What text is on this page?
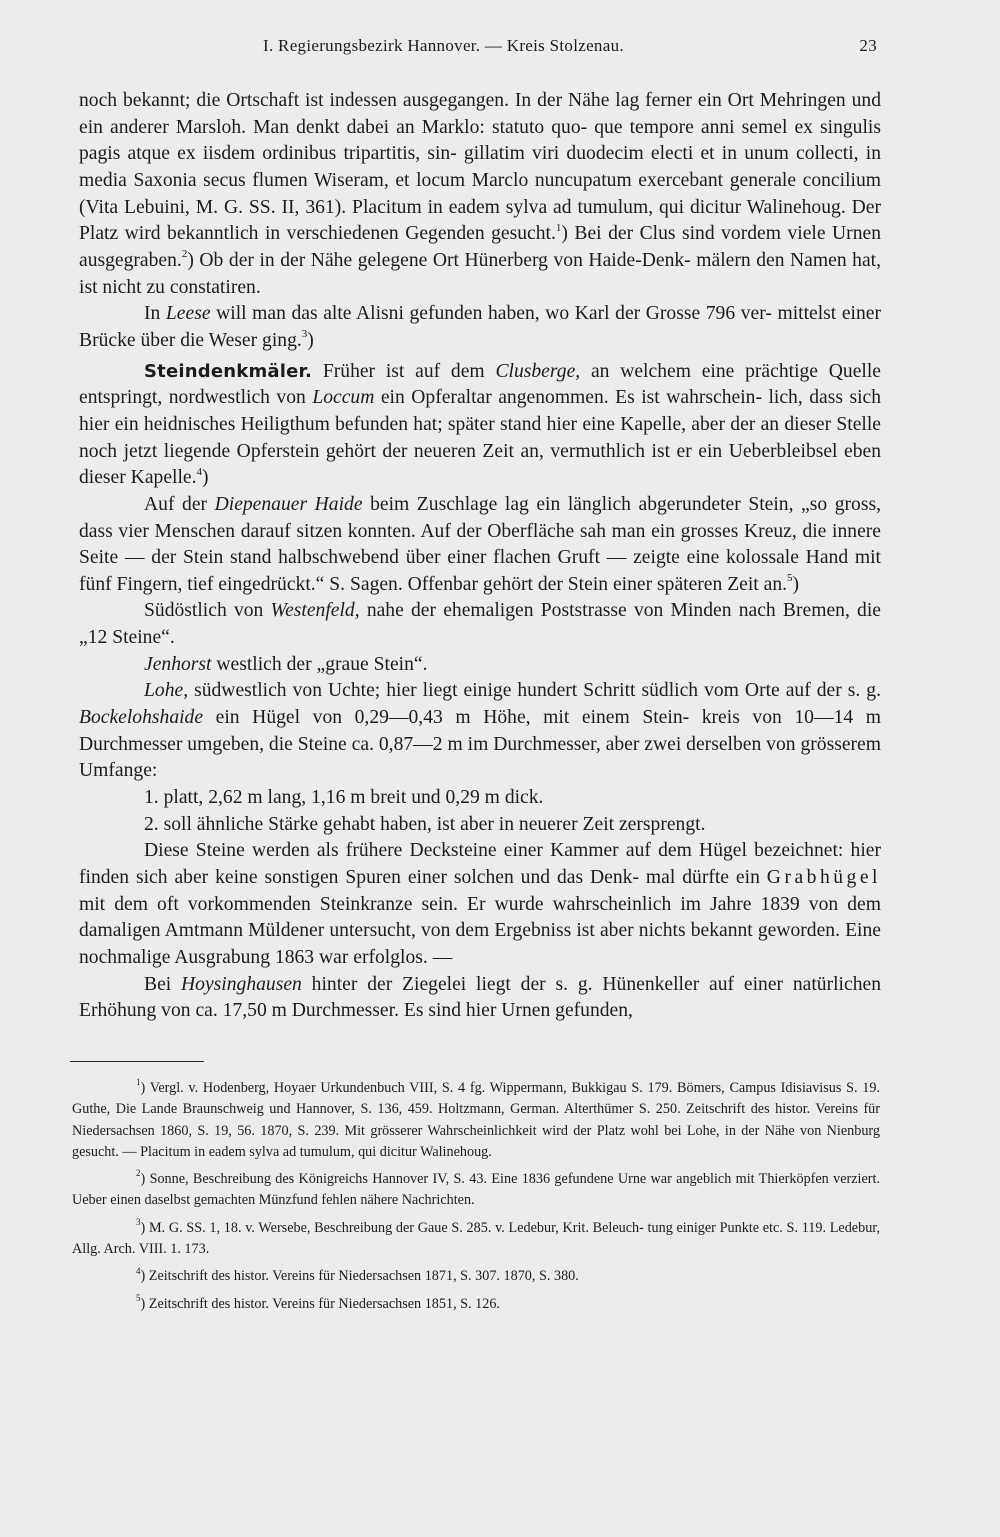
I. Regierungsbezirk Hannover. — Kreis Stolzenau.	23

noch bekannt; die Ortschaft ist indessen ausgegangen. In der Nähe lag ferner ein Ort Mehringen und ein anderer Marsloh. Man denkt dabei an Marklo: statuto quo- que tempore anni semel ex singulis pagis atque ex iisdem ordinibus tripartitis, sin- gillatim viri duodecim electi et in unum collecti, in media Saxonia secus flumen Wiseram, et locum Marclo nuncupatum exercebant generale concilium (Vita Lebuini, M. G. SS. II, 361). Placitum in eadem sylva ad tumulum, qui dicitur Walinehoug. Der Platz wird bekanntlich in verschiedenen Gegenden gesucht.$^1$) Bei der Clus sind vordem viele Urnen ausgegraben.$^2$) Ob der in der Nähe gelegene Ort Hünerberg von Haide-Denk- mälern den Namen hat, ist nicht zu constatiren.

In Leese will man das alte Alisni gefunden haben, wo Karl der Grosse 796 ver- mittelst einer Brücke über die Weser ging.$^3$)

Steindenkmäler. Früher ist auf dem Clusberge, an welchem eine prächtige Quelle entspringt, nordwestlich von Loccum ein Opferaltar angenommen. Es ist wahrschein- lich, dass sich hier ein heidnisches Heiligthum befunden hat; später stand hier eine Kapelle, aber der an dieser Stelle noch jetzt liegende Opferstein gehört der neueren Zeit an, vermuthlich ist er ein Ueberbleibsel eben dieser Kapelle.$^4$)

Auf der Diepenauer Haide beim Zuschlage lag ein länglich abgerundeter Stein, „so gross, dass vier Menschen darauf sitzen konnten. Auf der Oberfläche sah man ein grosses Kreuz, die innere Seite — der Stein stand halbschwebend über einer flachen Gruft — zeigte eine kolossale Hand mit fünf Fingern, tief eingedrückt.“ S. Sagen. Offenbar gehört der Stein einer späteren Zeit an.$^5$)

Südöstlich von Westenfeld, nahe der ehemaligen Poststrasse von Minden nach Bremen, die „12 Steine“.

Jenhorst westlich der „graue Stein“.

Lohe, südwestlich von Uchte; hier liegt einige hundert Schritt südlich vom Orte auf der s. g. Bockelohshaide ein Hügel von 0,29—0,43 m Höhe, mit einem Stein- kreis von 10—14 m Durchmesser umgeben, die Steine ca. 0,87—2 m im Durchmesser, aber zwei derselben von grösserem Umfange:

1. platt, 2,62 m lang, 1,16 m breit und 0,29 m dick.

2. soll ähnliche Stärke gehabt haben, ist aber in neuerer Zeit zersprengt.

Diese Steine werden als frühere Decksteine einer Kammer auf dem Hügel bezeichnet: hier finden sich aber keine sonstigen Spuren einer solchen und das Denk- mal dürfte ein Grabhügel mit dem oft vorkommenden Steinkranze sein. Er wurde wahrscheinlich im Jahre 1839 von dem damaligen Amtmann Müldener untersucht, von dem Ergebniss ist aber nichts bekannt geworden. Eine nochmalige Ausgrabung 1863 war erfolglos. —

Bei Hoysinghausen hinter der Ziegelei liegt der s. g. Hünenkeller auf einer natürlichen Erhöhung von ca. 17,50 m Durchmesser. Es sind hier Urnen gefunden,

$^1$) Vergl. v. Hodenberg, Hoyaer Urkundenbuch VIII, S. 4 fg. Wippermann, Bukkigau S. 179. Bömers, Campus Idisiavisus S. 19. Guthe, Die Lande Braunschweig und Hannover, S. 136, 459. Holtzmann, German. Alterthümer S. 250. Zeitschrift des histor. Vereins für Niedersachsen 1860, S. 19, 56. 1870, S. 239. Mit grösserer Wahrscheinlichkeit wird der Platz wohl bei Lohe, in der Nähe von Nienburg gesucht. — Placitum in eadem sylva ad tumulum, qui dicitur Walinehoug.

$^2$) Sonne, Beschreibung des Königreichs Hannover IV, S. 43. Eine 1836 gefundene Urne war angeblich mit Thierköpfen verziert. Ueber einen daselbst gemachten Münzfund fehlen nähere Nachrichten.

$^3$) M. G. SS. 1, 18. v. Wersebe, Beschreibung der Gaue S. 285. v. Ledebur, Krit. Beleuch- tung einiger Punkte etc. S. 119. Ledebur, Allg. Arch. VIII. 1. 173.

$^4$) Zeitschrift des histor. Vereins für Niedersachsen 1871, S. 307. 1870, S. 380.

$^5$) Zeitschrift des histor. Vereins für Niedersachsen 1851, S. 126.
